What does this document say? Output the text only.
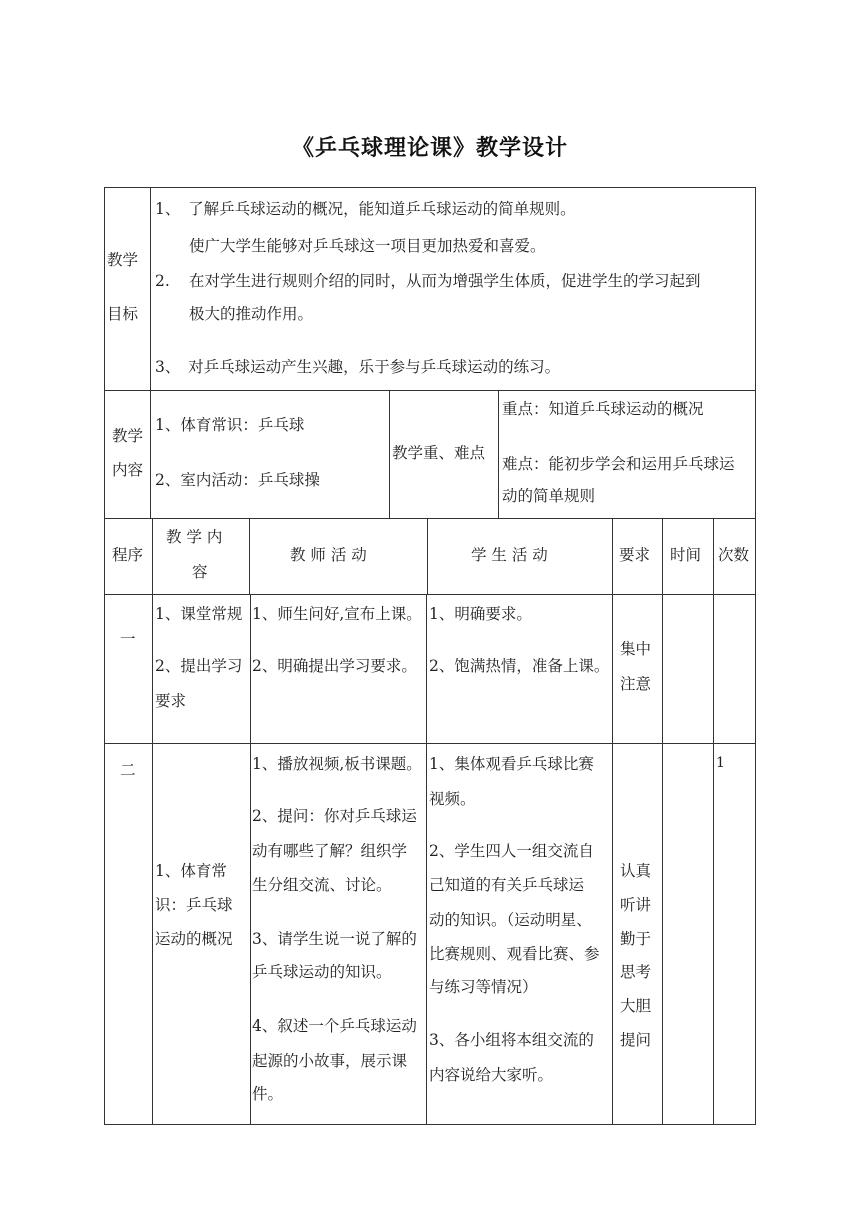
《乒乓球理论课》教学设计
教学
目标
1、　了解乒乓球运动的概况，能知道乒乓球运动的简单规则。
使广大学生能够对乒乓球这一项目更加热爱和喜爱。
2. 在对学生进行规则介绍的同时，从而为增强学生体质，促进学生的学习起到
极大的推动作用。
3、　对乒乓球运动产生兴趣，乐于参与乒乓球运动的练习。
教学
内容
1、体育常识：乒乓球
2、室内活动：乒乓球操
教学重、难点
重点：知道乒乓球运动的概况
难点：能初步学会和运用乒乓球运
动的简单规则
程序
教 学 内
容
教 师 活 动	学 生 活 动	要求 时间 次数
一
1、课堂常规
2、提出学习
要求
1、师生问好,宣布上课。
2、明确提出学习要求。
1、明确要求。
2、饱满热情，准备上课。
集中
注意
二
1、体育常
识：乒乓球
运动的概况
1、播放视频,板书课题。
2、提问：你对乒乓球运
动有哪些了解？组织学
生分组交流、讨论。
3、请学生说一说了解的
乒乓球运动的知识。
4、叙述一个乒乓球运动
起源的小故事，展示课
件。
1、集体观看乒乓球比赛
视频。
2、学生四人一组交流自
己知道的有关乒乓球运
动的知识。（运动明星、
比赛规则、观看比赛、参
与练习等情况）
3、各小组将本组交流的
内容说给大家听。
认真
听讲
勤于
思考
大胆
提问
1
